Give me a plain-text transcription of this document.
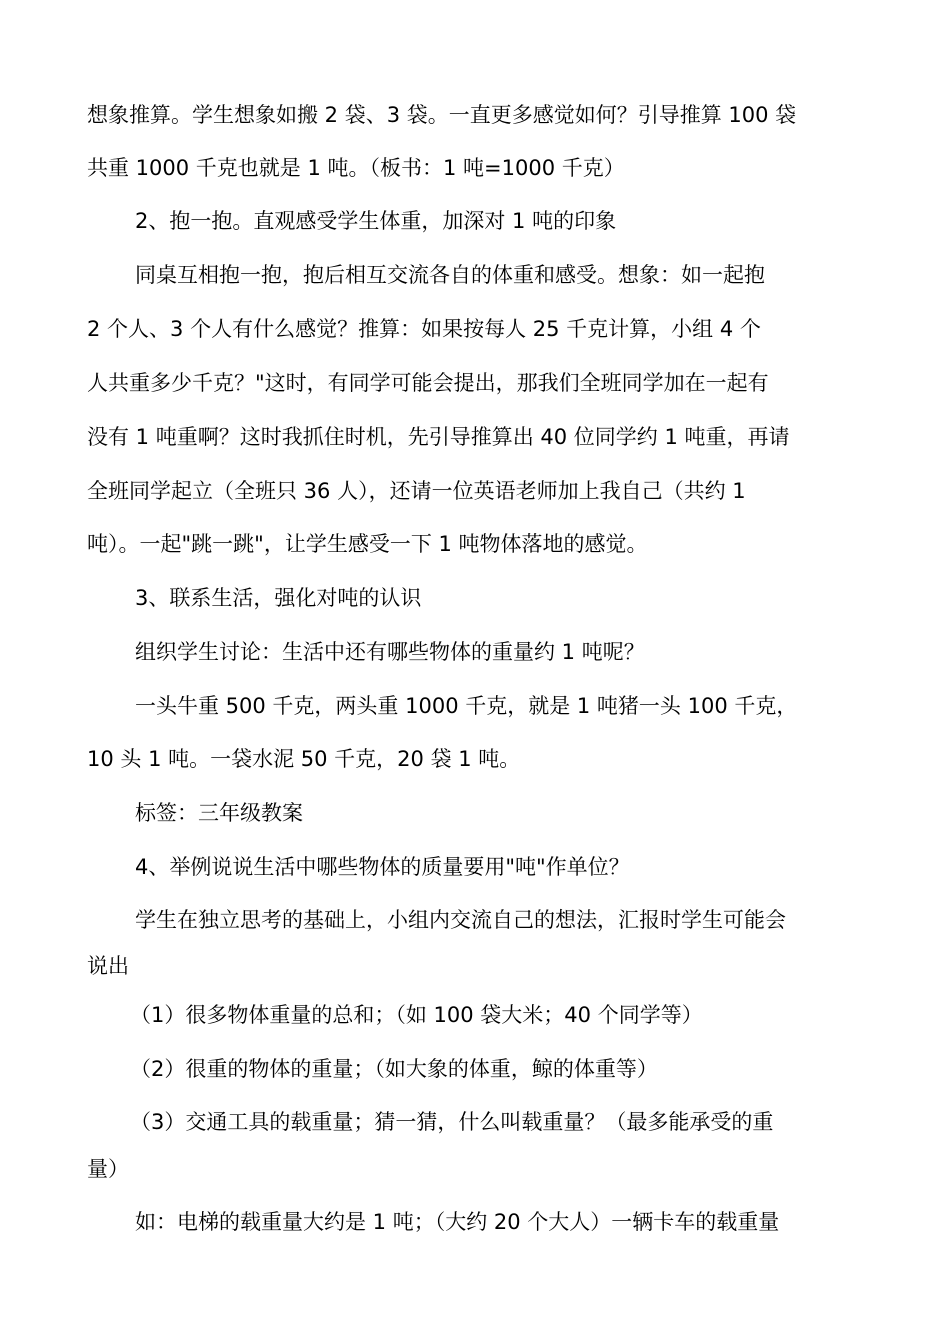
想象推算。学生想象如搬 2 袋、3 袋。一直更多感觉如何？引导推算 100 袋
共重 1000 千克也就是 1 吨。（板书：1 吨=1000 千克）
2、抱一抱。直观感受学生体重，加深对 1 吨的印象
同桌互相抱一抱，抱后相互交流各自的体重和感受。想象：如一起抱
2 个人、3 个人有什么感觉？推算：如果按每人 25 千克计算，小组 4 个
人共重多少千克？"这时，有同学可能会提出，那我们全班同学加在一起有
没有 1 吨重啊？这时我抓住时机，先引导推算出 40 位同学约 1 吨重，再请
全班同学起立（全班只 36 人），还请一位英语老师加上我自己（共约 1
吨）。一起"跳一跳"，让学生感受一下 1 吨物体落地的感觉。
3、联系生活，强化对吨的认识
组织学生讨论：生活中还有哪些物体的重量约 1 吨呢？
一头牛重 500 千克，两头重 1000 千克，就是 1 吨猪一头 100 千克，
10 头 1 吨。一袋水泥 50 千克，20 袋 1 吨。
标签：三年级教案
4、举例说说生活中哪些物体的质量要用"吨"作单位？
学生在独立思考的基础上，小组内交流自己的想法，汇报时学生可能会
说出
（1）很多物体重量的总和；（如 100 袋大米；40 个同学等）
（2）很重的物体的重量；（如大象的体重，鲸的体重等）
（3）交通工具的载重量；猜一猜，什么叫载重量？（最多能承受的重
量）
如：电梯的载重量大约是 1 吨；（大约 20 个大人）一辆卡车的载重量
